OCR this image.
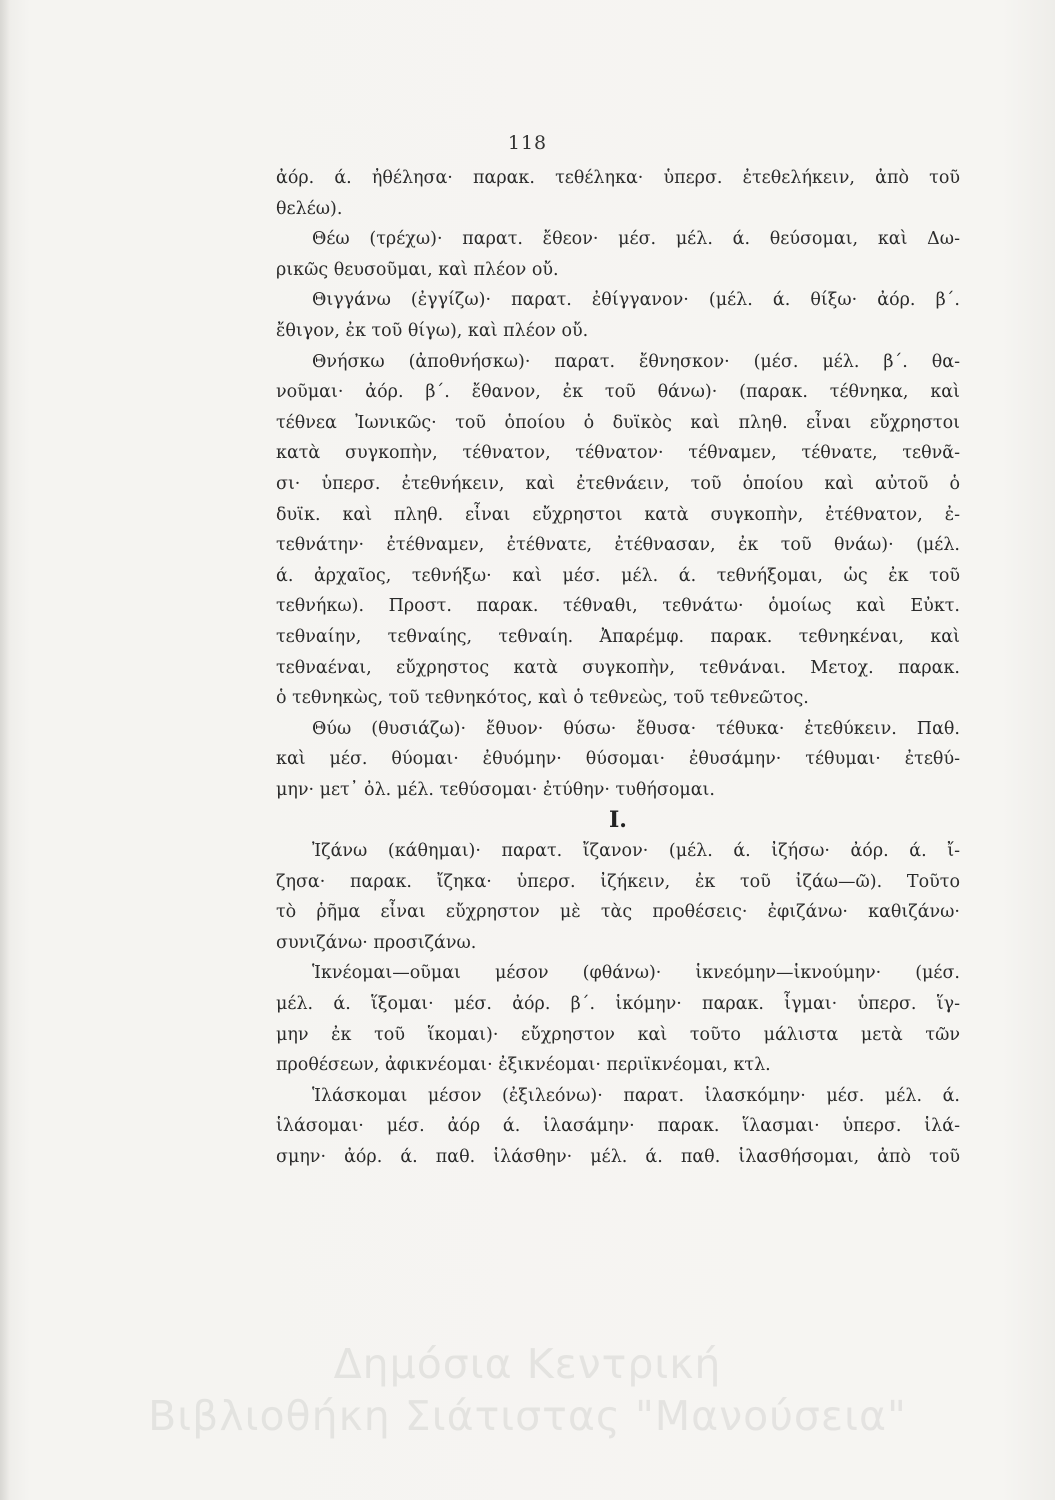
118
ἀόρ. ά. ἠθέλησα· παρακ. τεθέληκα· ὑπερσ. ἐτεθελήκειν, ἀπὸ τοῦ
θελέω).
Θέω (τρέχω)· παρατ. ἔθεον· μέσ. μέλ. ά. θεύσομαι, καὶ Δω-
ρικῶς θευσοῦμαι, καὶ πλέον οὔ.
Θιγγάνω (ἐγγίζω)· παρατ. ἐθίγγανον· (μέλ. ά. θίξω· ἀόρ. β΄.
ἔθιγον, ἐκ τοῦ θίγω), καὶ πλέον οὔ.
Θνήσκω (ἀποθνήσκω)· παρατ. ἔθνησκον· (μέσ. μέλ. β΄. θα-
νοῦμαι· ἀόρ. β΄. ἔθανον, ἐκ τοῦ θάνω)· (παρακ. τέθνηκα, καὶ
τέθνεα Ἰωνικῶς· τοῦ ὁποίου ὁ δυϊκὸς καὶ πληθ. εἶναι εὔχρηστοι
κατὰ συγκοπὴν, τέθνατον, τέθνατον· τέθναμεν, τέθνατε, τεθνᾶ-
σι· ὑπερσ. ἐτεθνήκειν, καὶ ἐτεθνάειν, τοῦ ὁποίου καὶ αὐτοῦ ὁ
δυϊκ. καὶ πληθ. εἶναι εὔχρηστοι κατὰ συγκοπὴν, ἐτέθνατον, ἐ-
τεθνάτην· ἐτέθναμεν, ἐτέθνατε, ἐτέθνασαν, ἐκ τοῦ θνάω)· (μέλ.
ά. ἀρχαῖος, τεθνήξω· καὶ μέσ. μέλ. ά. τεθνήξομαι, ὡς ἐκ τοῦ
τεθνήκω). Προστ. παρακ. τέθναθι, τεθνάτω· ὁμοίως καὶ Εὐκτ.
τεθναίην, τεθναίης, τεθναίη. Ἀπαρέμφ. παρακ. τεθνηκέναι, καὶ
τεθναέναι, εὔχρηστος κατὰ συγκοπὴν, τεθνάναι. Μετοχ. παρακ.
ὁ τεθνηκὼς, τοῦ τεθνηκότος, καὶ ὁ τεθνεὼς, τοῦ τεθνεῶτος.
Θύω (θυσιάζω)· ἔθυον· θύσω· ἔθυσα· τέθυκα· ἐτεθύκειν. Παθ.
καὶ μέσ. θύομαι· ἐθυόμην· θύσομαι· ἐθυσάμην· τέθυμαι· ἐτεθύ-
μην· μετ᾽ ὀλ. μέλ. τεθύσομαι· ἐτύθην· τυθήσομαι.
Ι.
Ἰζάνω (κάθημαι)· παρατ. ἴζανον· (μέλ. ά. ἰζήσω· ἀόρ. ά. ἴ-
ζησα· παρακ. ἴζηκα· ὑπερσ. ἰζήκειν, ἐκ τοῦ ἰζάω—ῶ). Τοῦτο
τὸ ῥῆμα εἶναι εὔχρηστον μὲ τὰς προθέσεις· ἐφιζάνω· καθιζάνω·
συνιζάνω· προσιζάνω.
Ἱκνέομαι—οῦμαι μέσον (φθάνω)· ἱκνεόμην—ἱκνούμην· (μέσ.
μέλ. ά. ἵξομαι· μέσ. ἀόρ. β΄. ἱκόμην· παρακ. ἷγμαι· ὑπερσ. ἵγ-
μην ἐκ τοῦ ἵκομαι)· εὔχρηστον καὶ τοῦτο μάλιστα μετὰ τῶν
προθέσεων, ἀφικνέομαι· ἐξικνέομαι· περιϊκνέομαι, κτλ.
Ἱλάσκομαι μέσον (ἐξιλεόνω)· παρατ. ἱλασκόμην· μέσ. μέλ. ά.
ἱλάσομαι· μέσ. ἀόρ ά. ἱλασάμην· παρακ. ἵλασμαι· ὑπερσ. ἱλά-
σμην· ἀόρ. ά. παθ. ἱλάσθην· μέλ. ά. παθ. ἱλασθήσομαι, ἀπὸ τοῦ
Δημόσια Κεντρική
Βιβλιοθήκη Σιάτιστας "Μανούσεια"
